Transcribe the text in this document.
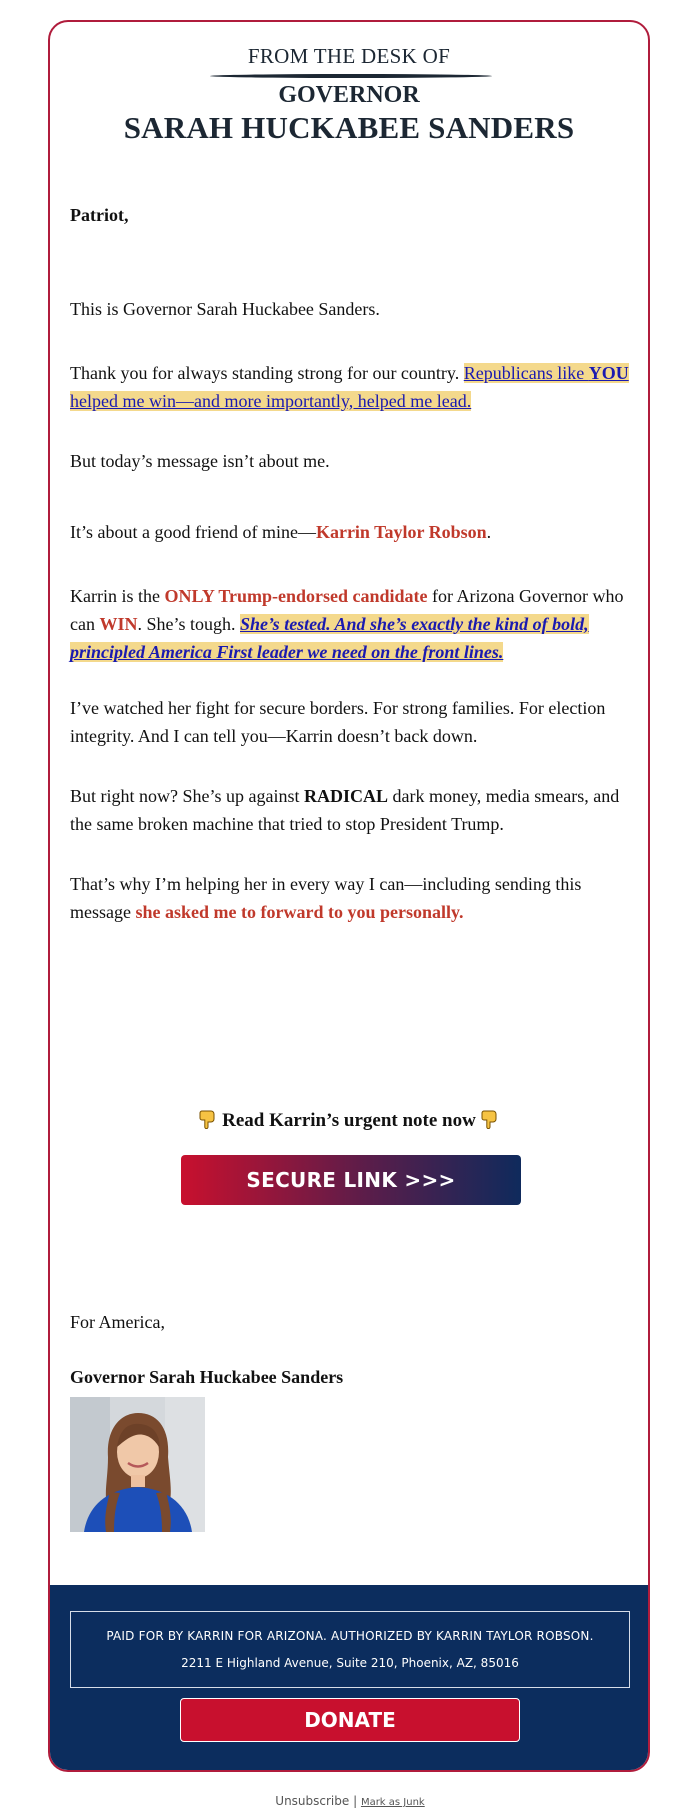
FROM THE DESK OF
GOVERNOR
SARAH HUCKABEE SANDERS

Patriot,

This is Governor Sarah Huckabee Sanders.

Thank you for always standing strong for our country. Republicans like YOU helped me win—and more importantly, helped me lead.

But today’s message isn’t about me.

It’s about a good friend of mine—Karrin Taylor Robson.

Karrin is the ONLY Trump-endorsed candidate for Arizona Governor who can WIN. She’s tough. She’s tested. And she’s exactly the kind of bold, principled America First leader we need on the front lines.

I’ve watched her fight for secure borders. For strong families. For election integrity. And I can tell you—Karrin doesn’t back down.

But right now? She’s up against RADICAL dark money, media smears, and the same broken machine that tried to stop President Trump.

That’s why I’m helping her in every way I can—including sending this message she asked me to forward to you personally.

Read Karrin’s urgent note now
SECURE LINK >>>

For America,

Governor Sarah Huckabee Sanders

PAID FOR BY KARRIN FOR ARIZONA. AUTHORIZED BY KARRIN TAYLOR ROBSON.
2211 E Highland Avenue, Suite 210, Phoenix, AZ, 85016
DONATE
Unsubscribe | Mark as Junk
